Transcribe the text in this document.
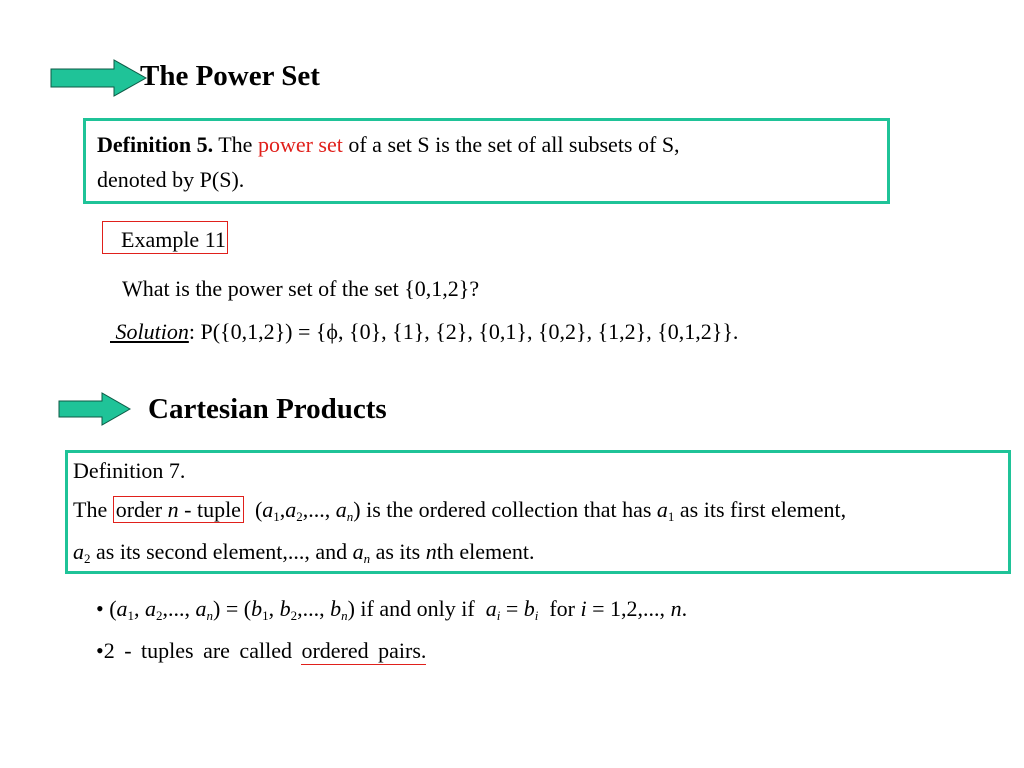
The Power Set
Definition 5. The power set of a set S is the set of all subsets of S,
denoted by P(S).
Example 11
What is the power set of the set {0,1,2}?
Solution: P({0,1,2}) = {ϕ, {0}, {1}, {2}, {0,1}, {0,2}, {1,2}, {0,1,2}}.
Cartesian Products
Definition 7.
The order n - tuple  ($a_1,a_2$,..., $a_n$) is the ordered collection that has $a_1$ as its first element,
$a_2$ as its second element,..., and $a_n$ as its nth element.
• ($a_1$, $a_2$,..., $a_n) = (b_1$, $b_2$,..., $b_n$) if and only if $a_i = b_i$ for i = 1,2,..., n.
•2 - tuples are called ordered pairs.
